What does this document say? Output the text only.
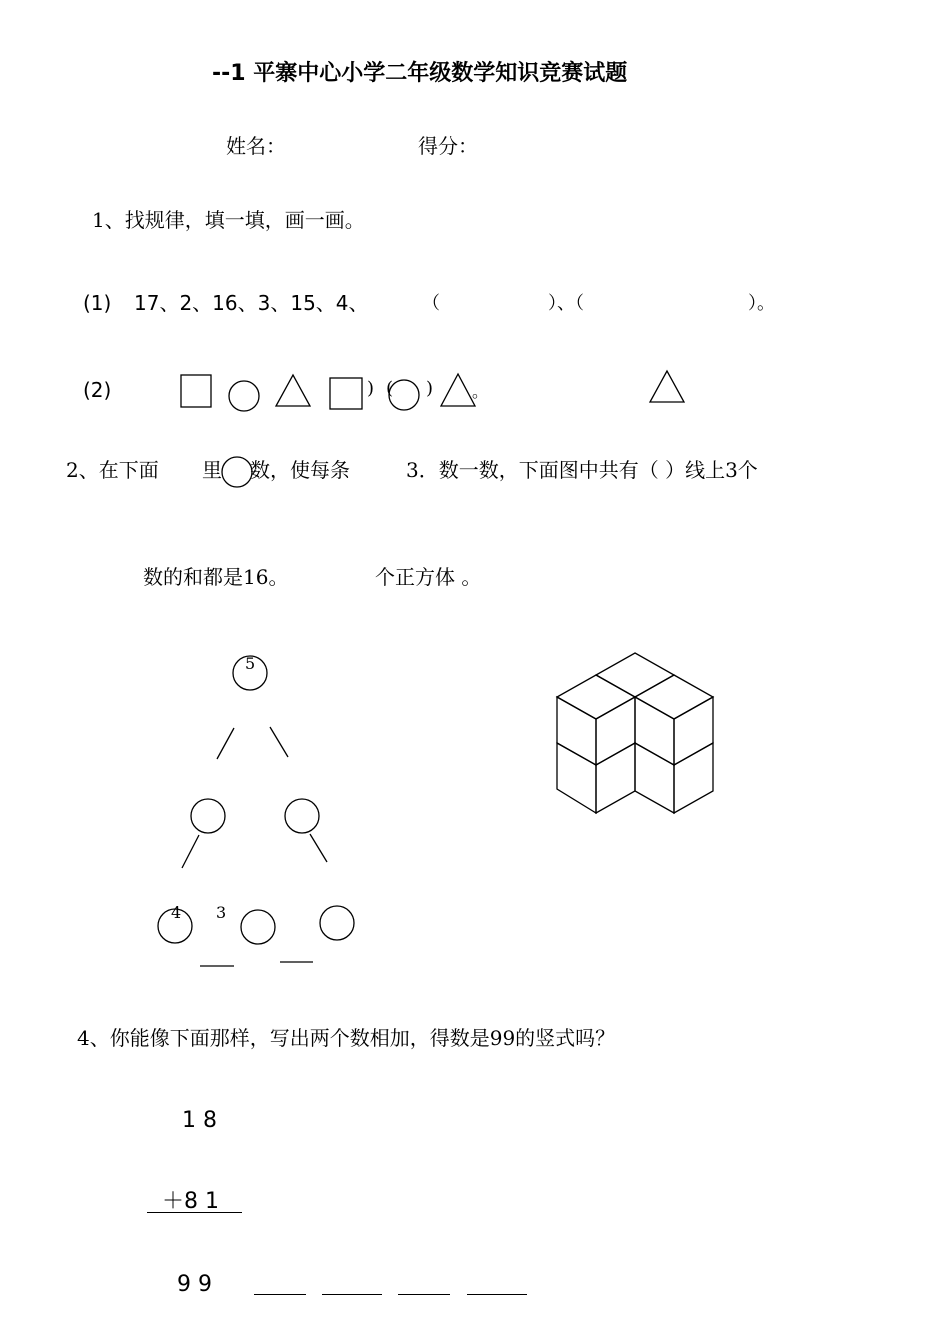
--1 平寨中心小学二年级数学知识竞赛试题
姓名：	得分：
1、找规律，填一填，画一画。
(1) 17、2、16、3、15、4、	（	）、（	）。
(2)	) ( ) 。
2、在下面 里 数，使每条	3．数一数，下面图中共有（ ）线上3个
数的和都是16。	个正方体 。
5
4 3
4、你能像下面那样，写出两个数相加，得数是99的竖式吗？
1 8
＋8 1
9 9
